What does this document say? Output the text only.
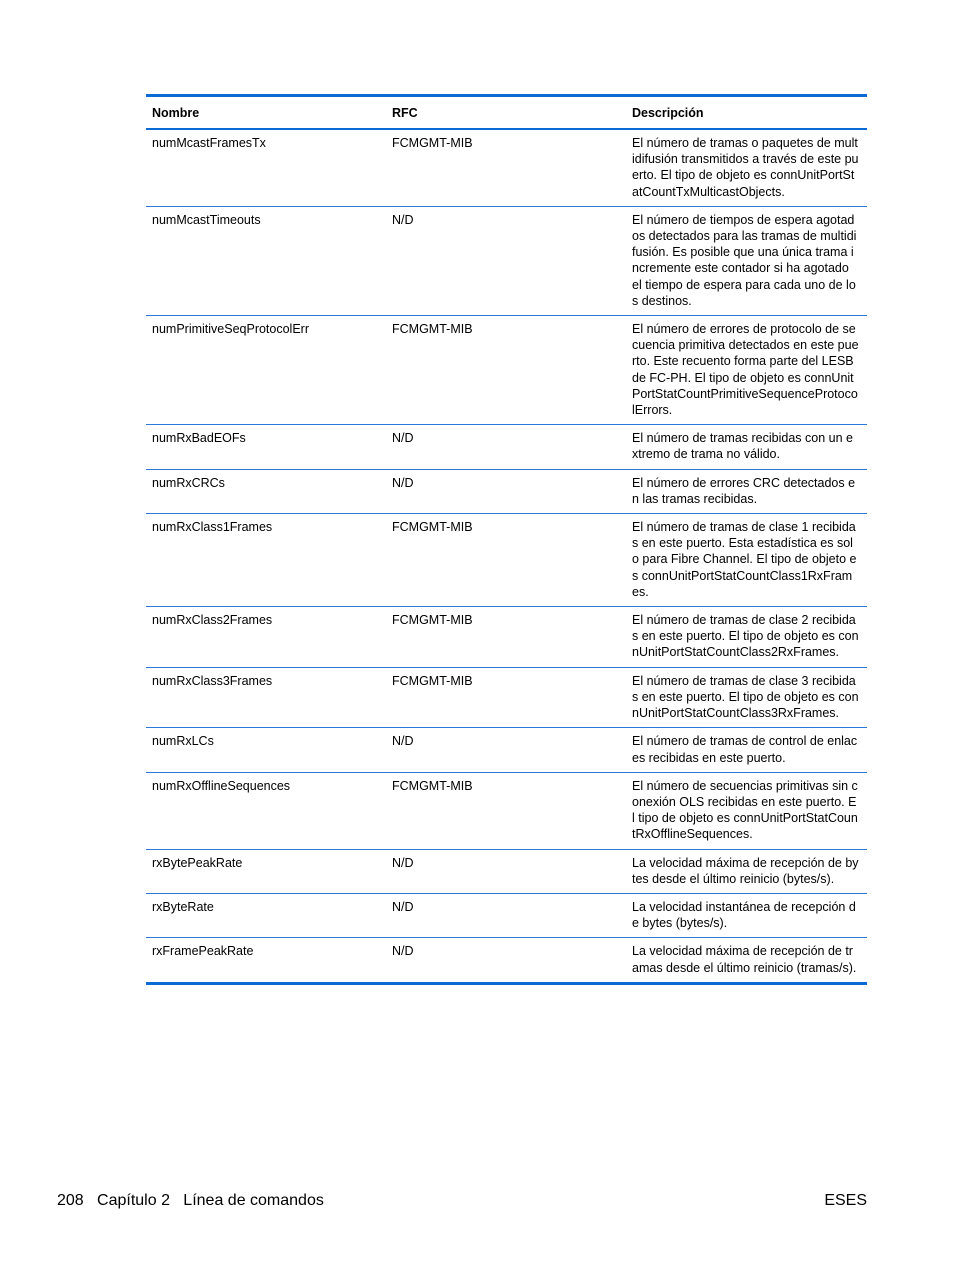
Nombre	RFC	Descripción
numMcastFramesTx	FCMGMT-MIB	El número de tramas o paquetes de multidifusión transmitidos a través de este puerto. El tipo de objeto es connUnitPortStatCountTxMulticastObjects.
numMcastTimeouts	N/D	El número de tiempos de espera agotados detectados para las tramas de multidifusión. Es posible que una única trama incremente este contador si ha agotado el tiempo de espera para cada uno de los destinos.
numPrimitiveSeqProtocolErr	FCMGMT-MIB	El número de errores de protocolo de secuencia primitiva detectados en este puerto. Este recuento forma parte del LESB de FC-PH. El tipo de objeto es connUnitPortStatCountPrimitiveSequenceProtocolErrors.
numRxBadEOFs	N/D	El número de tramas recibidas con un extremo de trama no válido.
numRxCRCs	N/D	El número de errores CRC detectados en las tramas recibidas.
numRxClass1Frames	FCMGMT-MIB	El número de tramas de clase 1 recibidas en este puerto. Esta estadística es solo para Fibre Channel. El tipo de objeto es connUnitPortStatCountClass1RxFrames.
numRxClass2Frames	FCMGMT-MIB	El número de tramas de clase 2 recibidas en este puerto. El tipo de objeto es connUnitPortStatCountClass2RxFrames.
numRxClass3Frames	FCMGMT-MIB	El número de tramas de clase 3 recibidas en este puerto. El tipo de objeto es connUnitPortStatCountClass3RxFrames.
numRxLCs	N/D	El número de tramas de control de enlaces recibidas en este puerto.
numRxOfflineSequences	FCMGMT-MIB	El número de secuencias primitivas sin conexión OLS recibidas en este puerto. El tipo de objeto es connUnitPortStatCountRxOfflineSequences.
rxBytePeakRate	N/D	La velocidad máxima de recepción de bytes desde el último reinicio (bytes/s).
rxByteRate	N/D	La velocidad instantánea de recepción de bytes (bytes/s).
rxFramePeakRate	N/D	La velocidad máxima de recepción de tramas desde el último reinicio (tramas/s).
208   Capítulo 2   Línea de comandos	ESES
